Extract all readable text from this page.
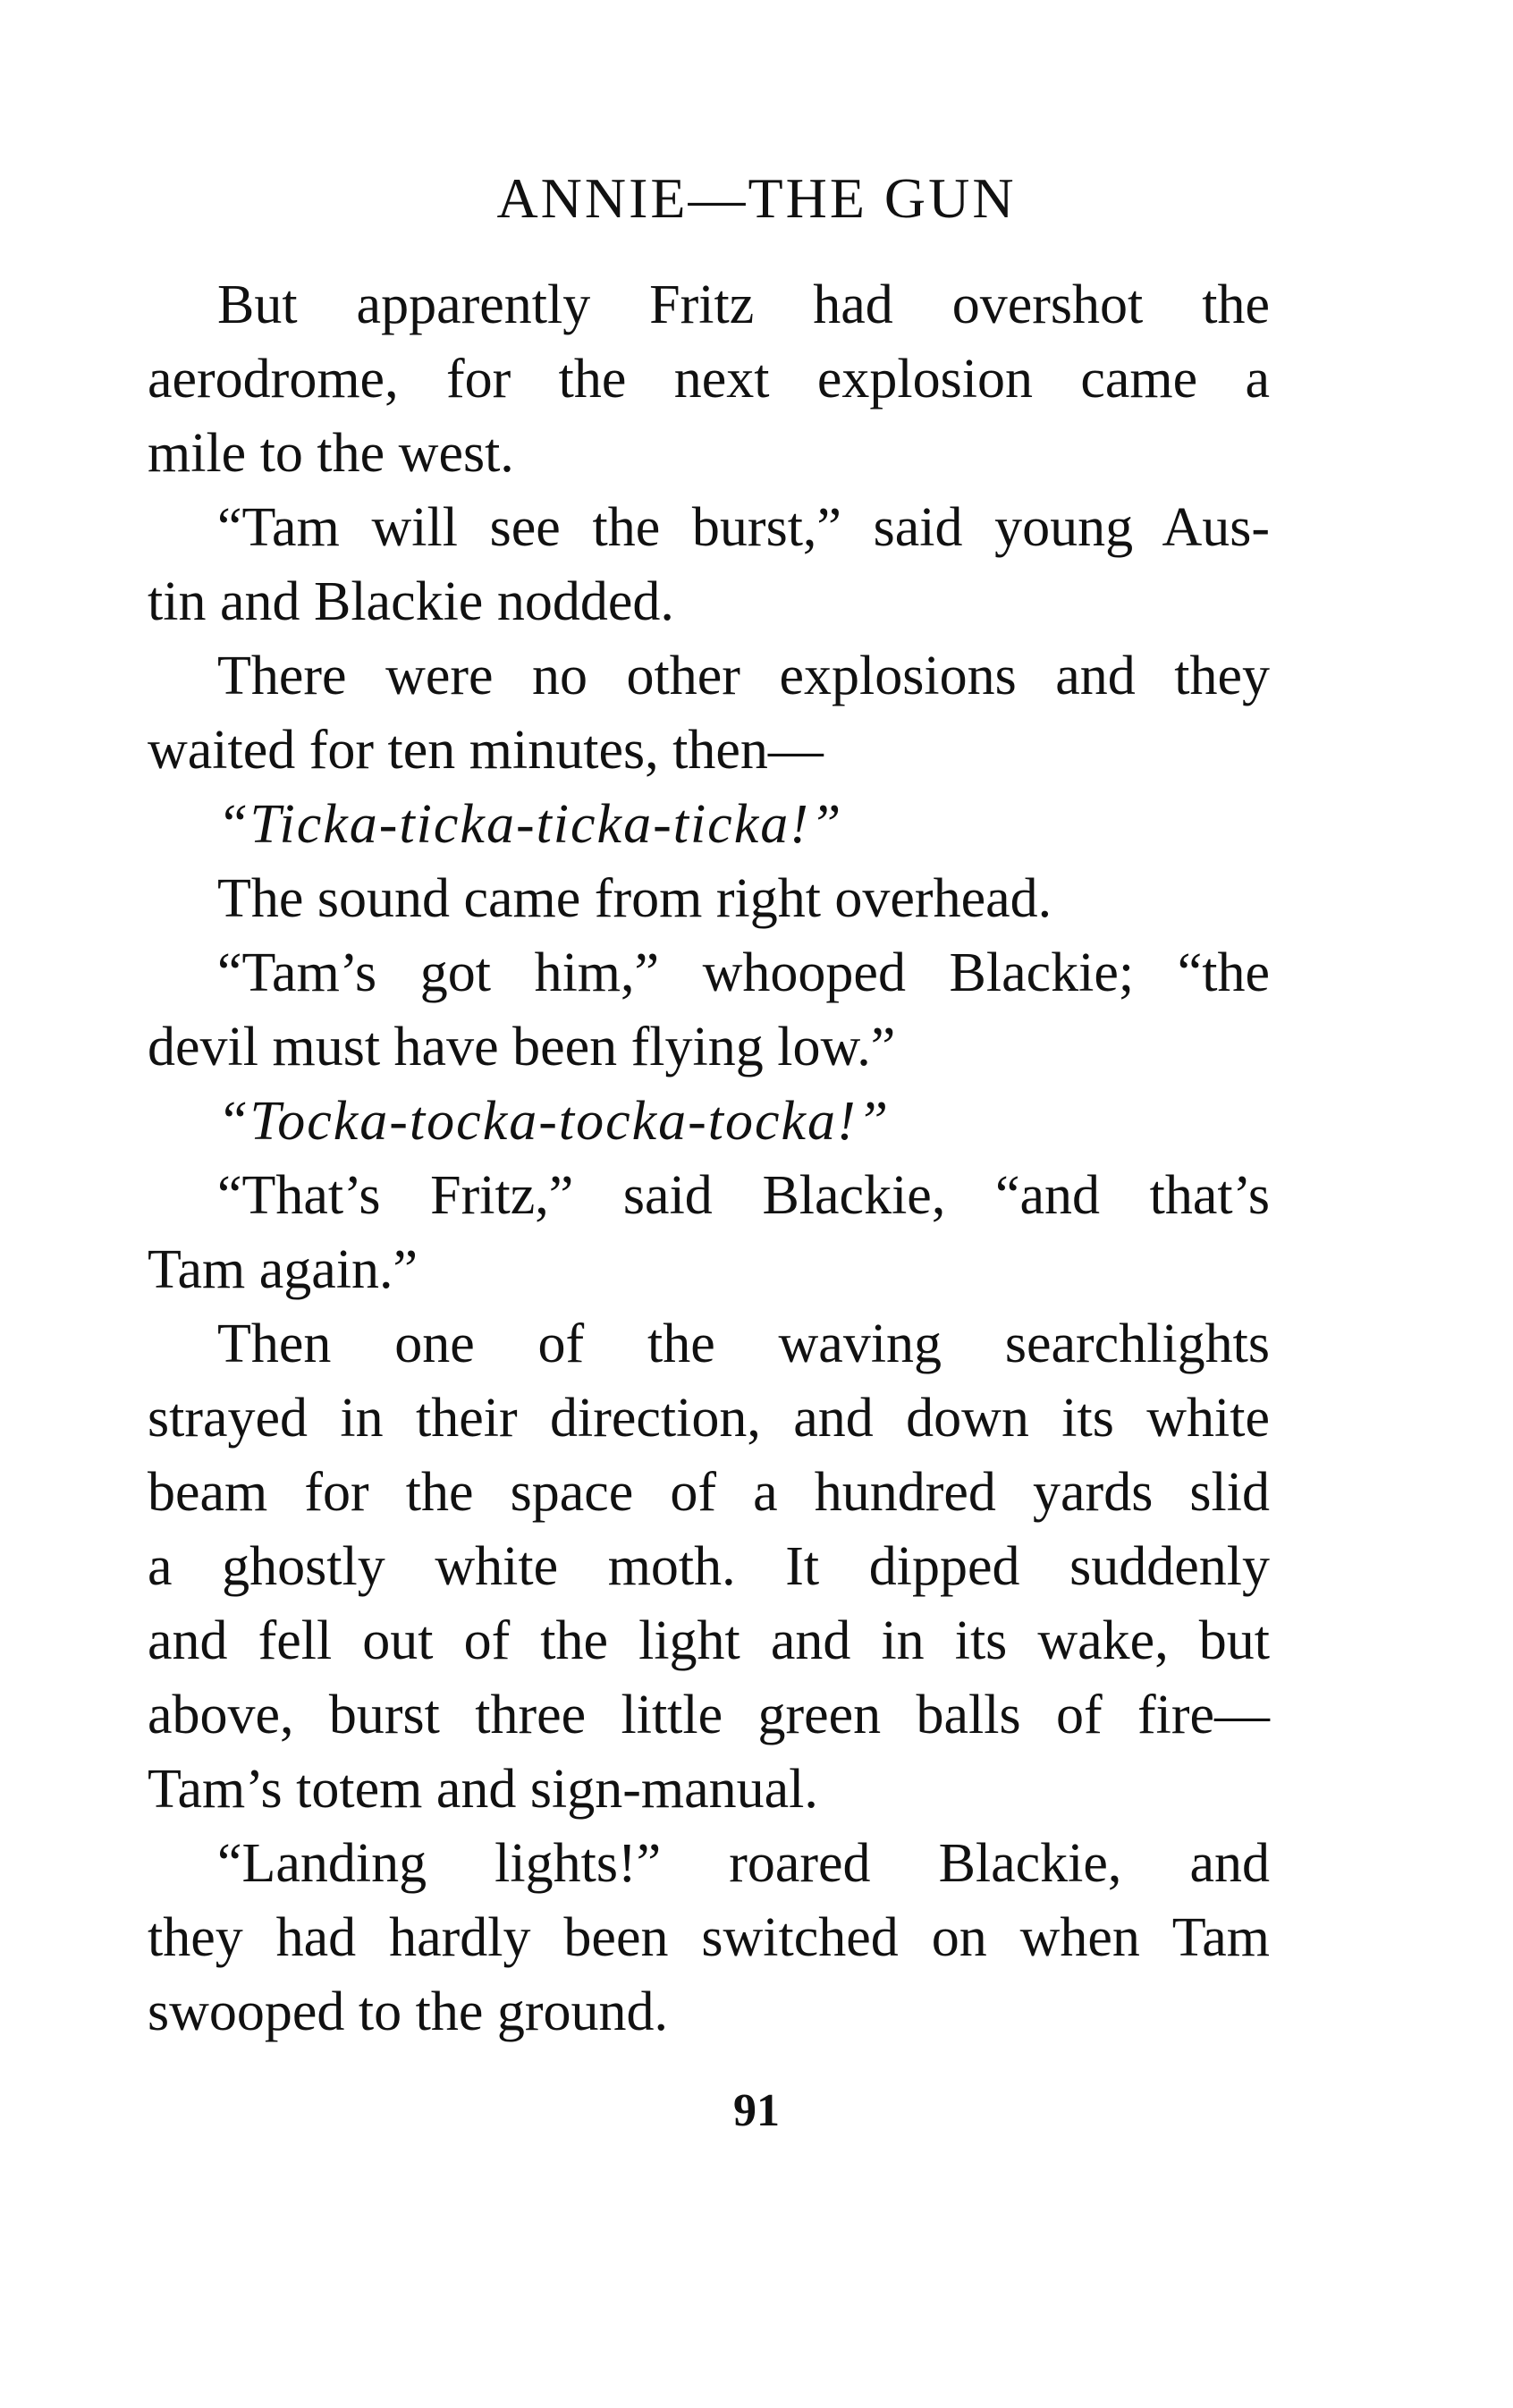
ANNIE—THE GUN
But apparently Fritz had overshot the
aerodrome, for the next explosion came a
mile to the west.
“Tam will see the burst,” said young Aus-
tin and Blackie nodded.
There were no other explosions and they
waited for ten minutes, then—
“Ticka-ticka-ticka-ticka!”
The sound came from right overhead.
“Tam’s got him,” whooped Blackie; “the
devil must have been flying low.”
“Tocka-tocka-tocka-tocka!”
“That’s Fritz,” said Blackie, “and that’s
Tam again.”
Then one of the waving searchlights
strayed in their direction, and down its white
beam for the space of a hundred yards slid
a ghostly white moth. It dipped suddenly
and fell out of the light and in its wake, but
above, burst three little green balls of fire—
Tam’s totem and sign-manual.
“Landing lights!” roared Blackie, and
they had hardly been switched on when Tam
swooped to the ground.
91
